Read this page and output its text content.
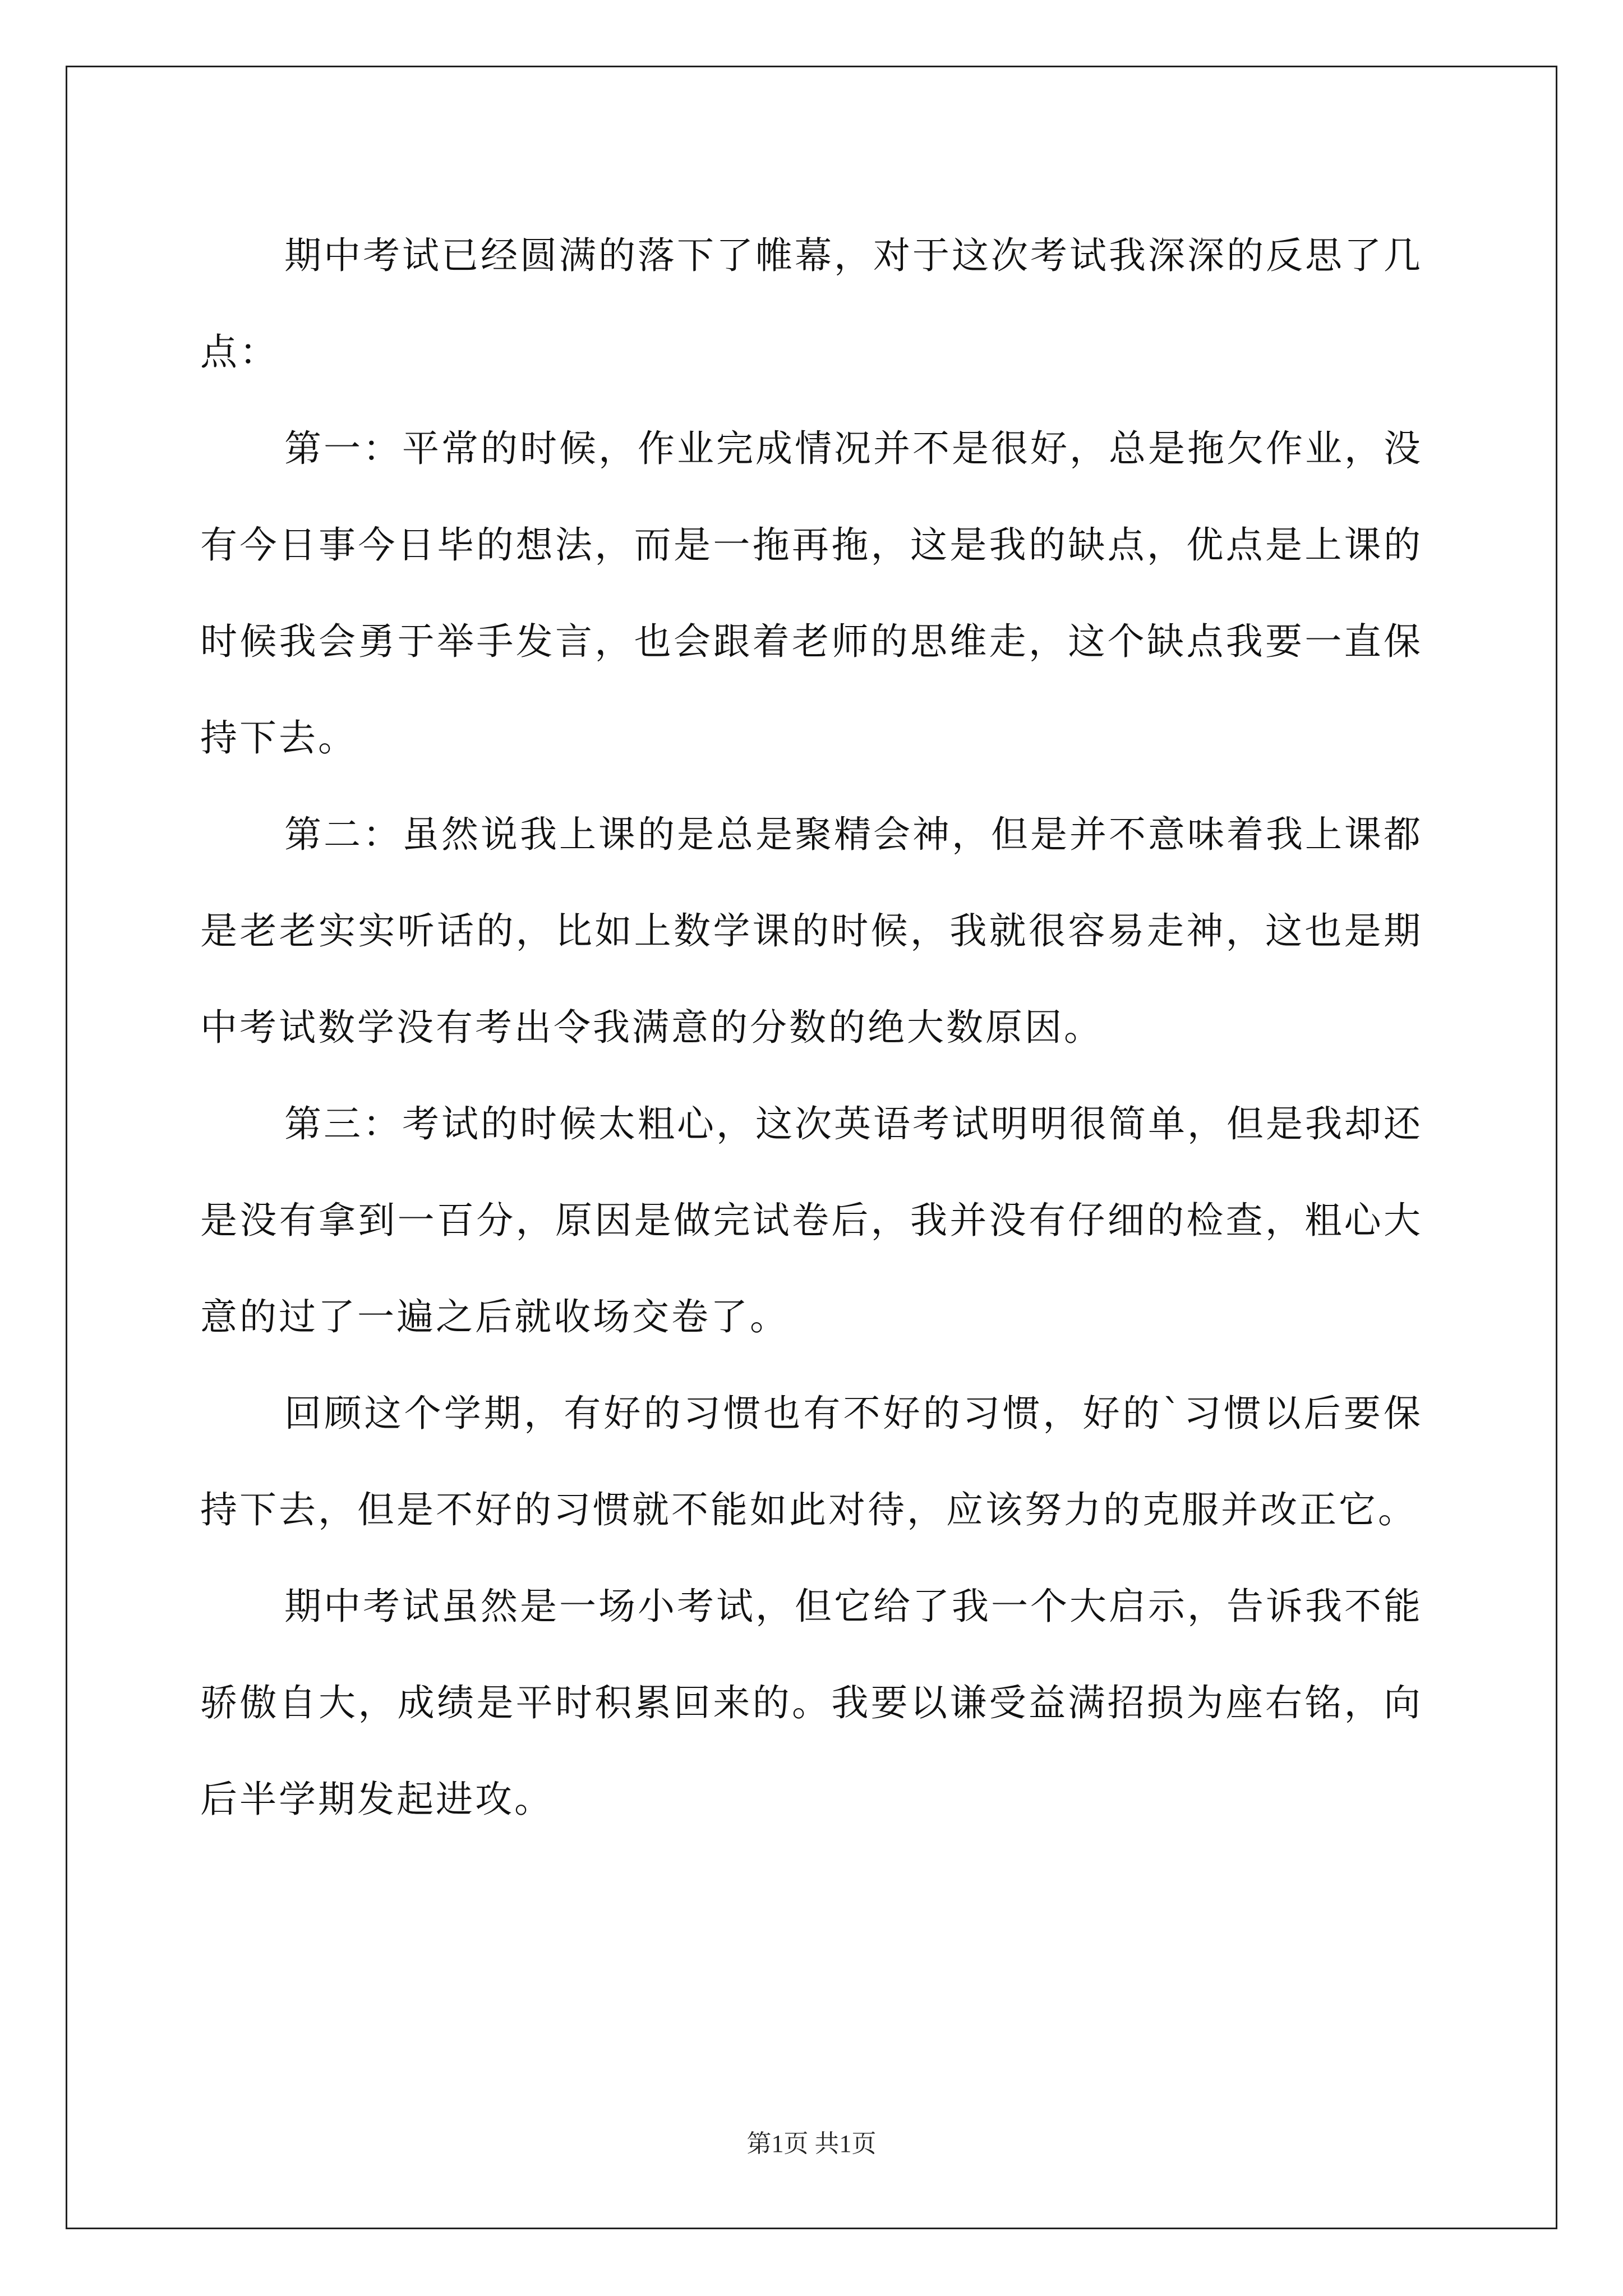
期中考试已经圆满的落下了帷幕，对于这次考试我深深的反思了几点：

第一：平常的时候，作业完成情况并不是很好，总是拖欠作业，没有今日事今日毕的想法，而是一拖再拖，这是我的缺点，优点是上课的时候我会勇于举手发言，也会跟着老师的思维走，这个缺点我要一直保持下去。

第二：虽然说我上课的是总是聚精会神，但是并不意味着我上课都是老老实实听话的，比如上数学课的时候，我就很容易走神，这也是期中考试数学没有考出令我满意的分数的绝大数原因。

第三：考试的时候太粗心，这次英语考试明明很简单，但是我却还是没有拿到一百分，原因是做完试卷后，我并没有仔细的检查，粗心大意的过了一遍之后就收场交卷了。

回顾这个学期，有好的习惯也有不好的习惯，好的`习惯以后要保持下去，但是不好的习惯就不能如此对待，应该努力的克服并改正它。

期中考试虽然是一场小考试，但它给了我一个大启示，告诉我不能骄傲自大，成绩是平时积累回来的。我要以谦受益满招损为座右铭，向后半学期发起进攻。

第1页 共1页
